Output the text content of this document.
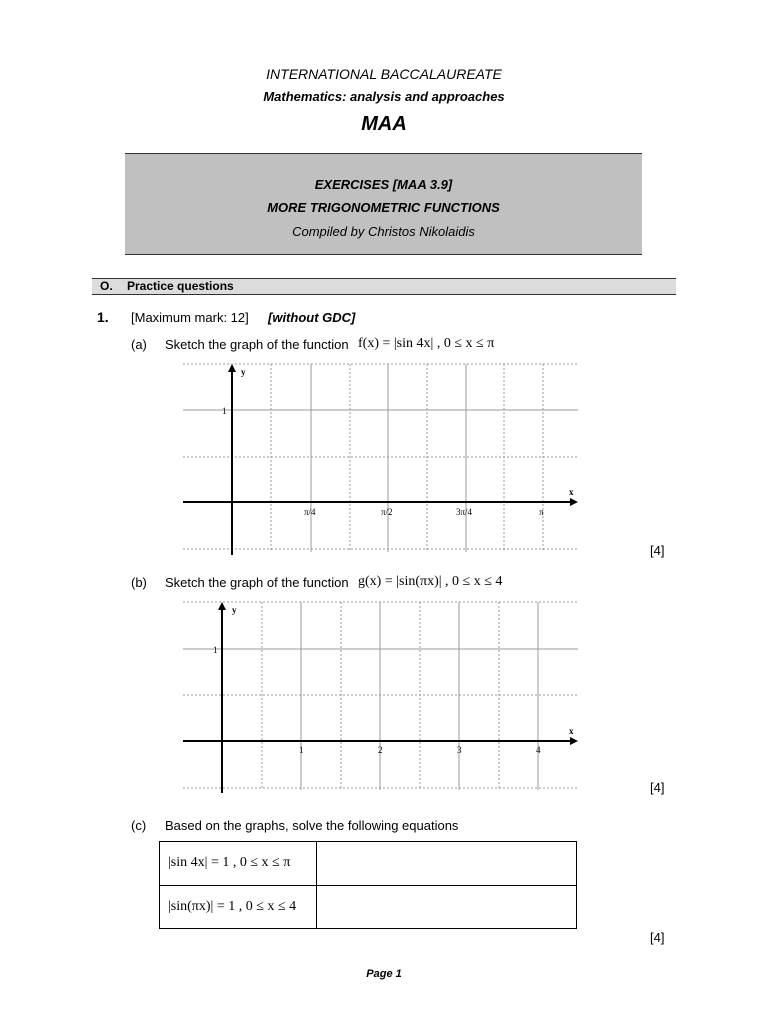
INTERNATIONAL BACCALAUREATE
Mathematics: analysis and approaches
MAA
EXERCISES [MAA 3.9]
MORE TRIGONOMETRIC FUNCTIONS
Compiled by Christos Nikolaidis
O. Practice questions
1. [Maximum mark: 12] [without GDC]
(a) Sketch the graph of the function f(x) = |sin 4x| , 0 ≤ x ≤ π
y
x
1
π/4	π/2	3π/4	π
[4]
(b) Sketch the graph of the function g(x) = |sin(πx)| , 0 ≤ x ≤ 4
y
x
1
1	2	3	4
[4]
(c) Based on the graphs, solve the following equations
|sin 4x| = 1 , 0 ≤ x ≤ π
|sin(πx)| = 1 , 0 ≤ x ≤ 4
[4]
Page 1
